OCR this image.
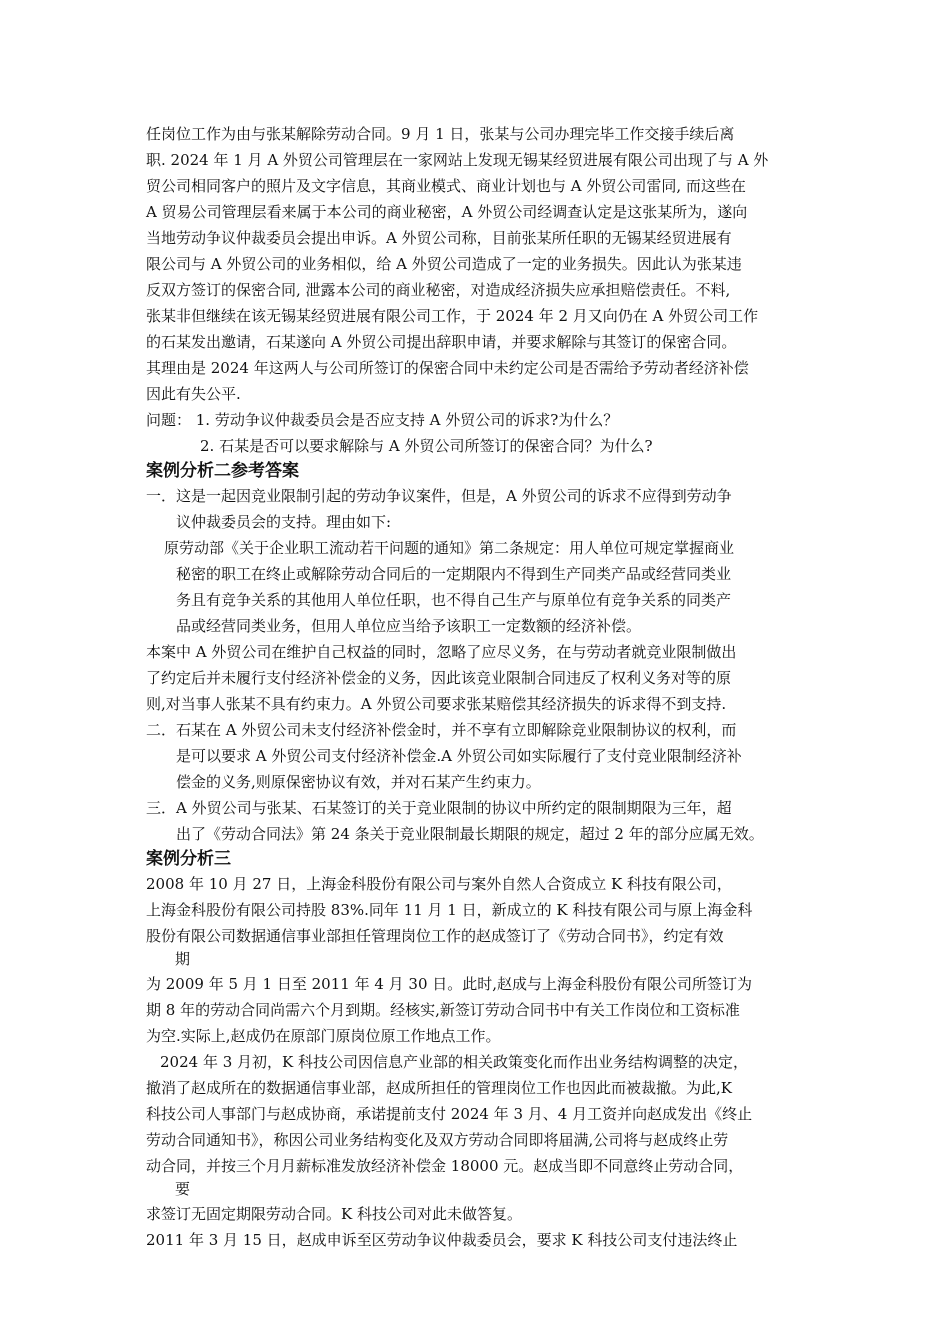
任岗位工作为由与张某解除劳动合同。9 月 1 日，张某与公司办理完毕工作交接手续后离
职. 2024 年 1 月 A 外贸公司管理层在一家网站上发现无锡某经贸进展有限公司出现了与 A 外
贸公司相同客户的照片及文字信息，其商业模式、商业计划也与 A 外贸公司雷同, 而这些在
A 贸易公司管理层看来属于本公司的商业秘密，A 外贸公司经调查认定是这张某所为，遂向
当地劳动争议仲裁委员会提出申诉。A 外贸公司称，目前张某所任职的无锡某经贸进展有
限公司与 A 外贸公司的业务相似，给 A 外贸公司造成了一定的业务损失。因此认为张某违
反双方签订的保密合同, 泄露本公司的商业秘密，对造成经济损失应承担赔偿责任。不料,
张某非但继续在该无锡某经贸进展有限公司工作，于 2024 年 2 月又向仍在 A 外贸公司工作
的石某发出邀请，石某遂向 A 外贸公司提出辞职申请，并要求解除与其签订的保密合同。
其理由是 2024 年这两人与公司所签订的保密合同中未约定公司是否需给予劳动者经济补偿
因此有失公平.
问题： 1. 劳动争议仲裁委员会是否应支持 A 外贸公司的诉求?为什么？
2. 石某是否可以要求解除与 A 外贸公司所签订的保密合同？为什么?
案例分析二参考答案
一．这是一起因竞业限制引起的劳动争议案件，但是，A 外贸公司的诉求不应得到劳动争
议仲裁委员会的支持。理由如下:
原劳动部《关于企业职工流动若干问题的通知》第二条规定：用人单位可规定掌握商业
秘密的职工在终止或解除劳动合同后的一定期限内不得到生产同类产品或经营同类业
务且有竞争关系的其他用人单位任职，也不得自己生产与原单位有竞争关系的同类产
品或经营同类业务，但用人单位应当给予该职工一定数额的经济补偿。
本案中 A 外贸公司在维护自己权益的同时，忽略了应尽义务，在与劳动者就竞业限制做出
了约定后并未履行支付经济补偿金的义务，因此该竞业限制合同违反了权利义务对等的原
则,对当事人张某不具有约束力。A 外贸公司要求张某赔偿其经济损失的诉求得不到支持.
二．石某在 A 外贸公司未支付经济补偿金时，并不享有立即解除竞业限制协议的权利，而
是可以要求 A 外贸公司支付经济补偿金.A 外贸公司如实际履行了支付竞业限制经济补
偿金的义务,则原保密协议有效，并对石某产生约束力。
三．A 外贸公司与张某、石某签订的关于竞业限制的协议中所约定的限制期限为三年，超
出了《劳动合同法》第 24 条关于竞业限制最长期限的规定，超过 2 年的部分应属无效。
案例分析三
2008 年 10 月 27 日，上海金科股份有限公司与案外自然人合资成立 K 科技有限公司，
上海金科股份有限公司持股 83%.同年 11 月 1 日，新成立的 K 科技有限公司与原上海金科
股份有限公司数据通信事业部担任管理岗位工作的赵成签订了《劳动合同书》，约定有效
期
为 2009 年 5 月 1 日至 2011 年 4 月 30 日。此时,赵成与上海金科股份有限公司所签订为
期 8 年的劳动合同尚需六个月到期。经核实,新签订劳动合同书中有关工作岗位和工资标准
为空.实际上,赵成仍在原部门原岗位原工作地点工作。
2024 年 3 月初，K 科技公司因信息产业部的相关政策变化而作出业务结构调整的决定，
撤消了赵成所在的数据通信事业部，赵成所担任的管理岗位工作也因此而被裁撤。为此,K
科技公司人事部门与赵成协商，承诺提前支付 2024 年 3 月、4 月工资并向赵成发出《终止
劳动合同通知书》，称因公司业务结构变化及双方劳动合同即将届满,公司将与赵成终止劳
动合同，并按三个月月薪标准发放经济补偿金 18000 元。赵成当即不同意终止劳动合同，
要
求签订无固定期限劳动合同。K 科技公司对此未做答复。
2011 年 3 月 15 日，赵成申诉至区劳动争议仲裁委员会，要求 K 科技公司支付违法终止
